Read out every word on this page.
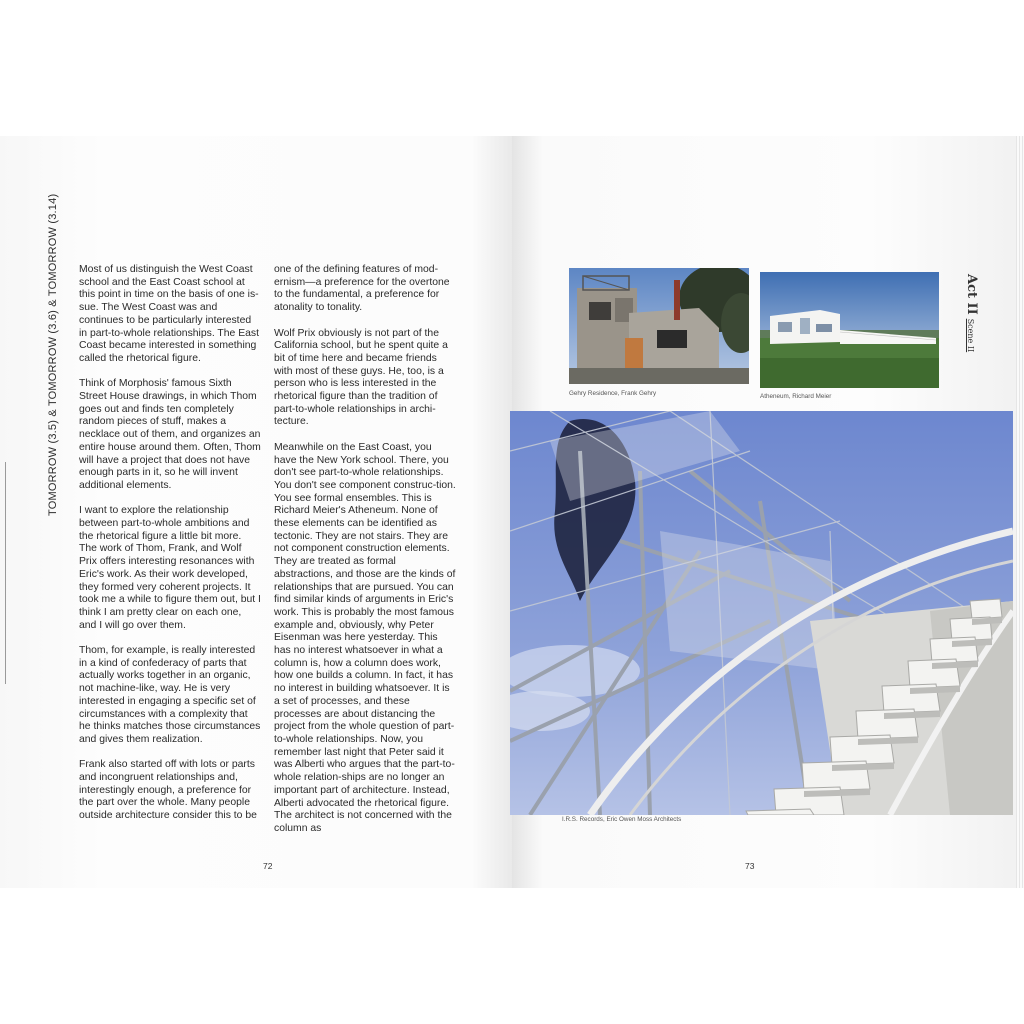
TOMORROW (3.5) & TOMORROW (3.6) & TOMORROW (3.14) Most of us distinguish the West Coast school and the East Coast school at this point in time on the basis of one is-sue. The West Coast was and continues to be particularly interested in part-to-whole relationships. The East Coast became interested in something called the rhetorical figure.

Think of Morphosis' famous Sixth Street House drawings, in which Thom goes out and finds ten completely random pieces of stuff, makes a necklace out of them, and organizes an entire house around them. Often, Thom will have a project that does not have enough parts in it, so he will invent additional elements.

I want to explore the relationship between part-to-whole ambitions and the rhetorical figure a little bit more. The work of Thom, Frank, and Wolf Prix offers interesting resonances with Eric's work. As their work developed, they formed very coherent projects. It took me a while to figure them out, but I think I am pretty clear on each one, and I will go over them.

Thom, for example, is really interested in a kind of confederacy of parts that actually works together in an organic, not machine-like, way. He is very interested in engaging a specific set of circumstances with a complexity that he thinks matches those circumstances and gives them realization.

Frank also started off with lots or parts and incongruent relationships and, interestingly enough, a preference for the part over the whole. Many people outside architecture consider this to be

one of the defining features of mod-ernism—a preference for the overtone to the fundamental, a preference for atonality to tonality.

Wolf Prix obviously is not part of the California school, but he spent quite a bit of time here and became friends with most of these guys. He, too, is a person who is less interested in the rhetorical figure than the tradition of part-to-whole relationships in archi-tecture.

Meanwhile on the East Coast, you have the New York school. There, you don't see part-to-whole relationships. You don't see component construc-tion. You see formal ensembles. This is Richard Meier's Atheneum. None of these elements can be identified as tectonic. They are not stairs. They are not component construction elements. They are treated as formal abstractions, and those are the kinds of relationships that are pursued. You can find similar kinds of arguments in Eric's work. This is probably the most famous example and, obviously, why Peter Eisenman was here yesterday. This has no interest whatsoever in what a column is, how a column does work, how one builds a column. In fact, it has no interest in building whatsoever. It is a set of processes, and these processes are about distancing the project from the whole question of part-to-whole relationships. Now, you remember last night that Peter said it was Alberti who argues that the part-to-whole relation-ships are no longer an important part of architecture. Instead, Alberti advocated the rhetorical figure. The architect is not concerned with the column as

72	73
Act IIScene II
Gehry Residence, Frank Gehry	Atheneum, Richard Meier
I.R.S. Records, Eric Owen Moss Architects
